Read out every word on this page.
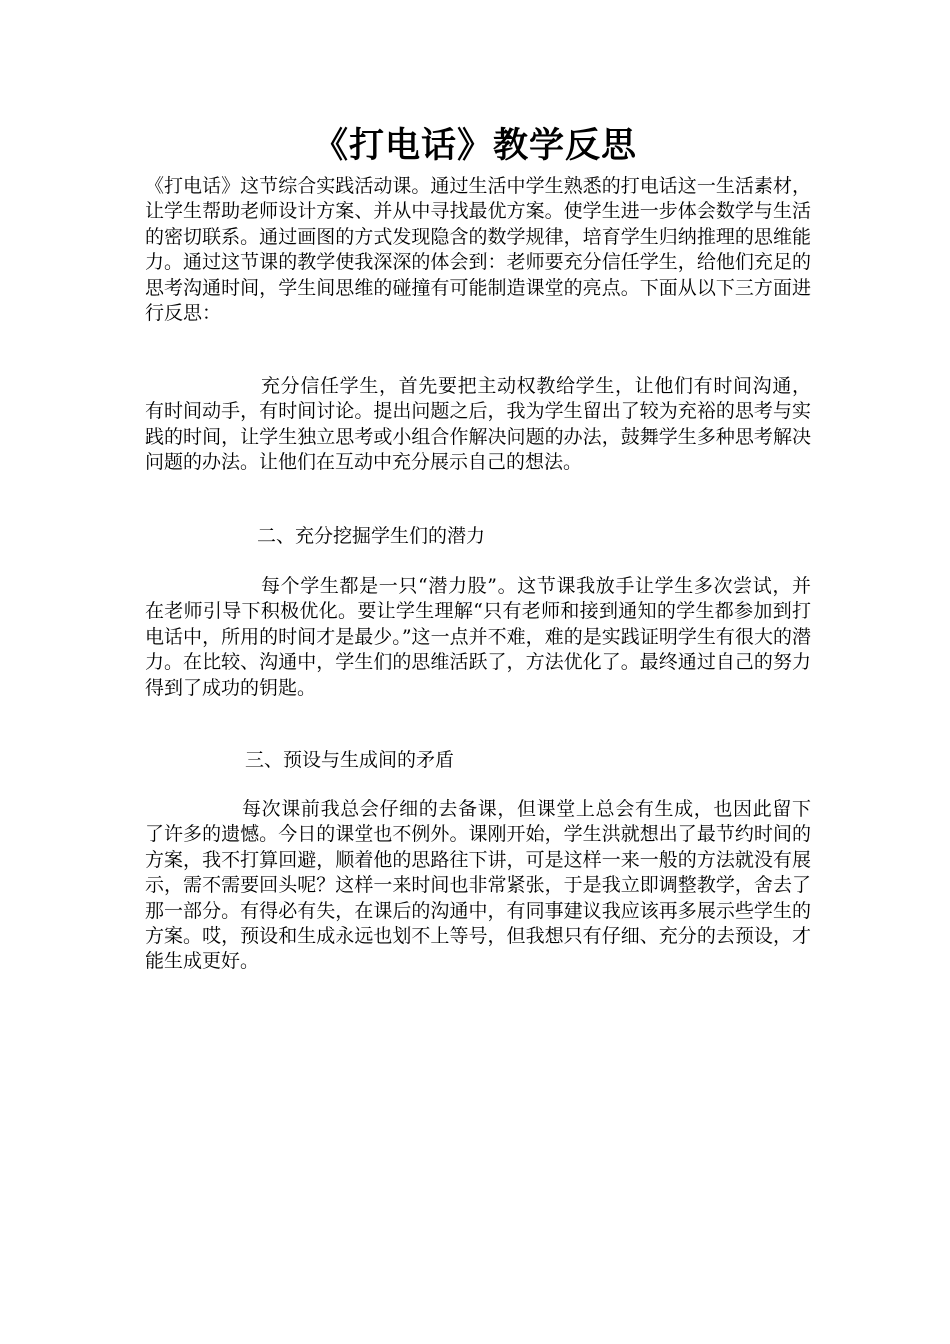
《打电话》教学反思

《打电话》这节综合实践活动课。通过生活中学生熟悉的打电话这一生活素材，让学生帮助老师设计方案、并从中寻找最优方案。使学生进一步体会数学与生活的密切联系。通过画图的方式发现隐含的数学规律，培育学生归纳推理的思维能力。通过这节课的教学使我深深的体会到：老师要充分信任学生，给他们充足的思考沟通时间，学生间思维的碰撞有可能制造课堂的亮点。下面从以下三方面进行反思：

充分信任学生，首先要把主动权教给学生，让他们有时间沟通，有时间动手，有时间讨论。提出问题之后，我为学生留出了较为充裕的思考与实践的时间，让学生独立思考或小组合作解决问题的办法，鼓舞学生多种思考解决问题的办法。让他们在互动中充分展示自己的想法。

二、充分挖掘学生们的潜力

每个学生都是一只“潜力股”。这节课我放手让学生多次尝试，并在老师引导下积极优化。要让学生理解“只有老师和接到通知的学生都参加到打电话中，所用的时间才是最少。”这一点并不难，难的是实践证明学生有很大的潜力。在比较、沟通中，学生们的思维活跃了，方法优化了。最终通过自己的努力得到了成功的钥匙。

三、预设与生成间的矛盾

每次课前我总会仔细的去备课，但课堂上总会有生成，也因此留下了许多的遗憾。今日的课堂也不例外。课刚开始，学生洪就想出了最节约时间的方案，我不打算回避，顺着他的思路往下讲，可是这样一来一般的方法就没有展示，需不需要回头呢？这样一来时间也非常紧张，于是我立即调整教学，舍去了那一部分。有得必有失，在课后的沟通中，有同事建议我应该再多展示些学生的方案。哎，预设和生成永远也划不上等号，但我想只有仔细、充分的去预设，才能生成更好。
